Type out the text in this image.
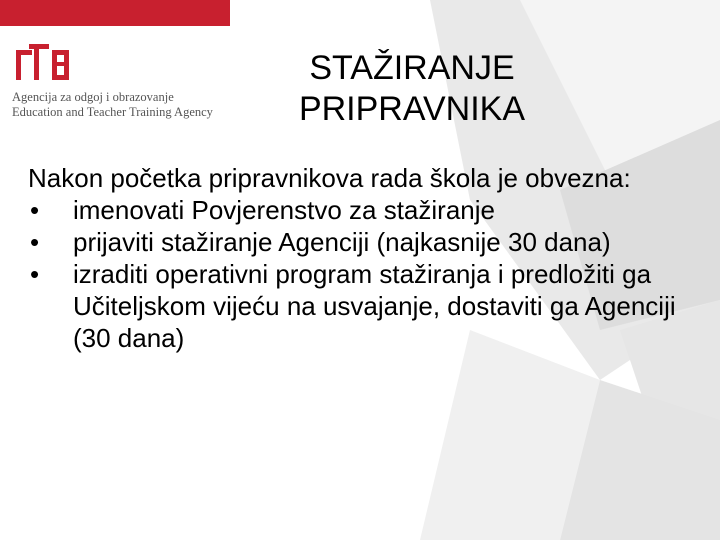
Agencija za odgoj i obrazovanje
Education and Teacher Training Agency
STAŽIRANJE PRIPRAVNIKA

Nakon početka pripravnikova rada škola je obvezna:

•	imenovati Povjerenstvo za stažiranje
•	prijaviti stažiranje Agenciji (najkasnije 30 dana)
•	izraditi operativni program stažiranja i predložiti ga Učiteljskom vijeću na usvajanje, dostaviti ga Agenciji (30 dana)
